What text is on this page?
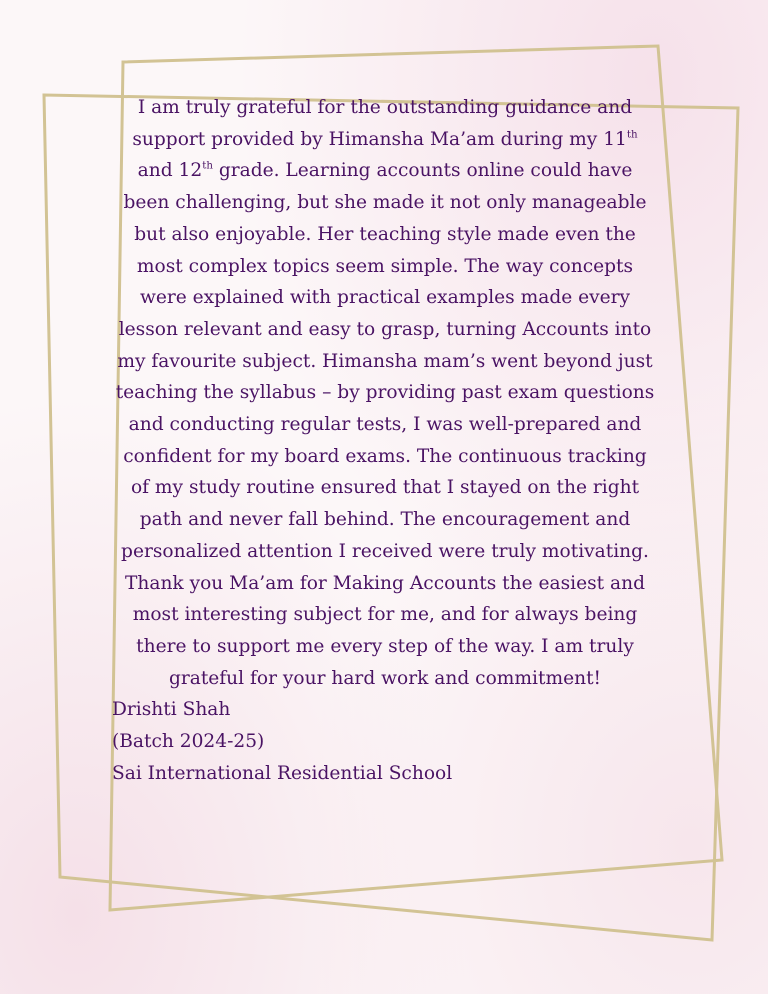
I am truly grateful for the outstanding guidance and support provided by Himansha Ma’am during my 11th and 12th grade. Learning accounts online could have been challenging, but she made it not only manageable but also enjoyable. Her teaching style made even the most complex topics seem simple. The way concepts were explained with practical examples made every lesson relevant and easy to grasp, turning Accounts into my favourite subject. Himansha mam’s went beyond just teaching the syllabus – by providing past exam questions and conducting regular tests, I was well-prepared and confident for my board exams. The continuous tracking of my study routine ensured that I stayed on the right path and never fall behind. The encouragement and personalized attention I received were truly motivating.

Thank you Ma’am for Making Accounts the easiest and most interesting subject for me, and for always being there to support me every step of the way. I am truly grateful for your hard work and commitment!

Drishti Shah

(Batch 2024-25)

Sai International Residential School
